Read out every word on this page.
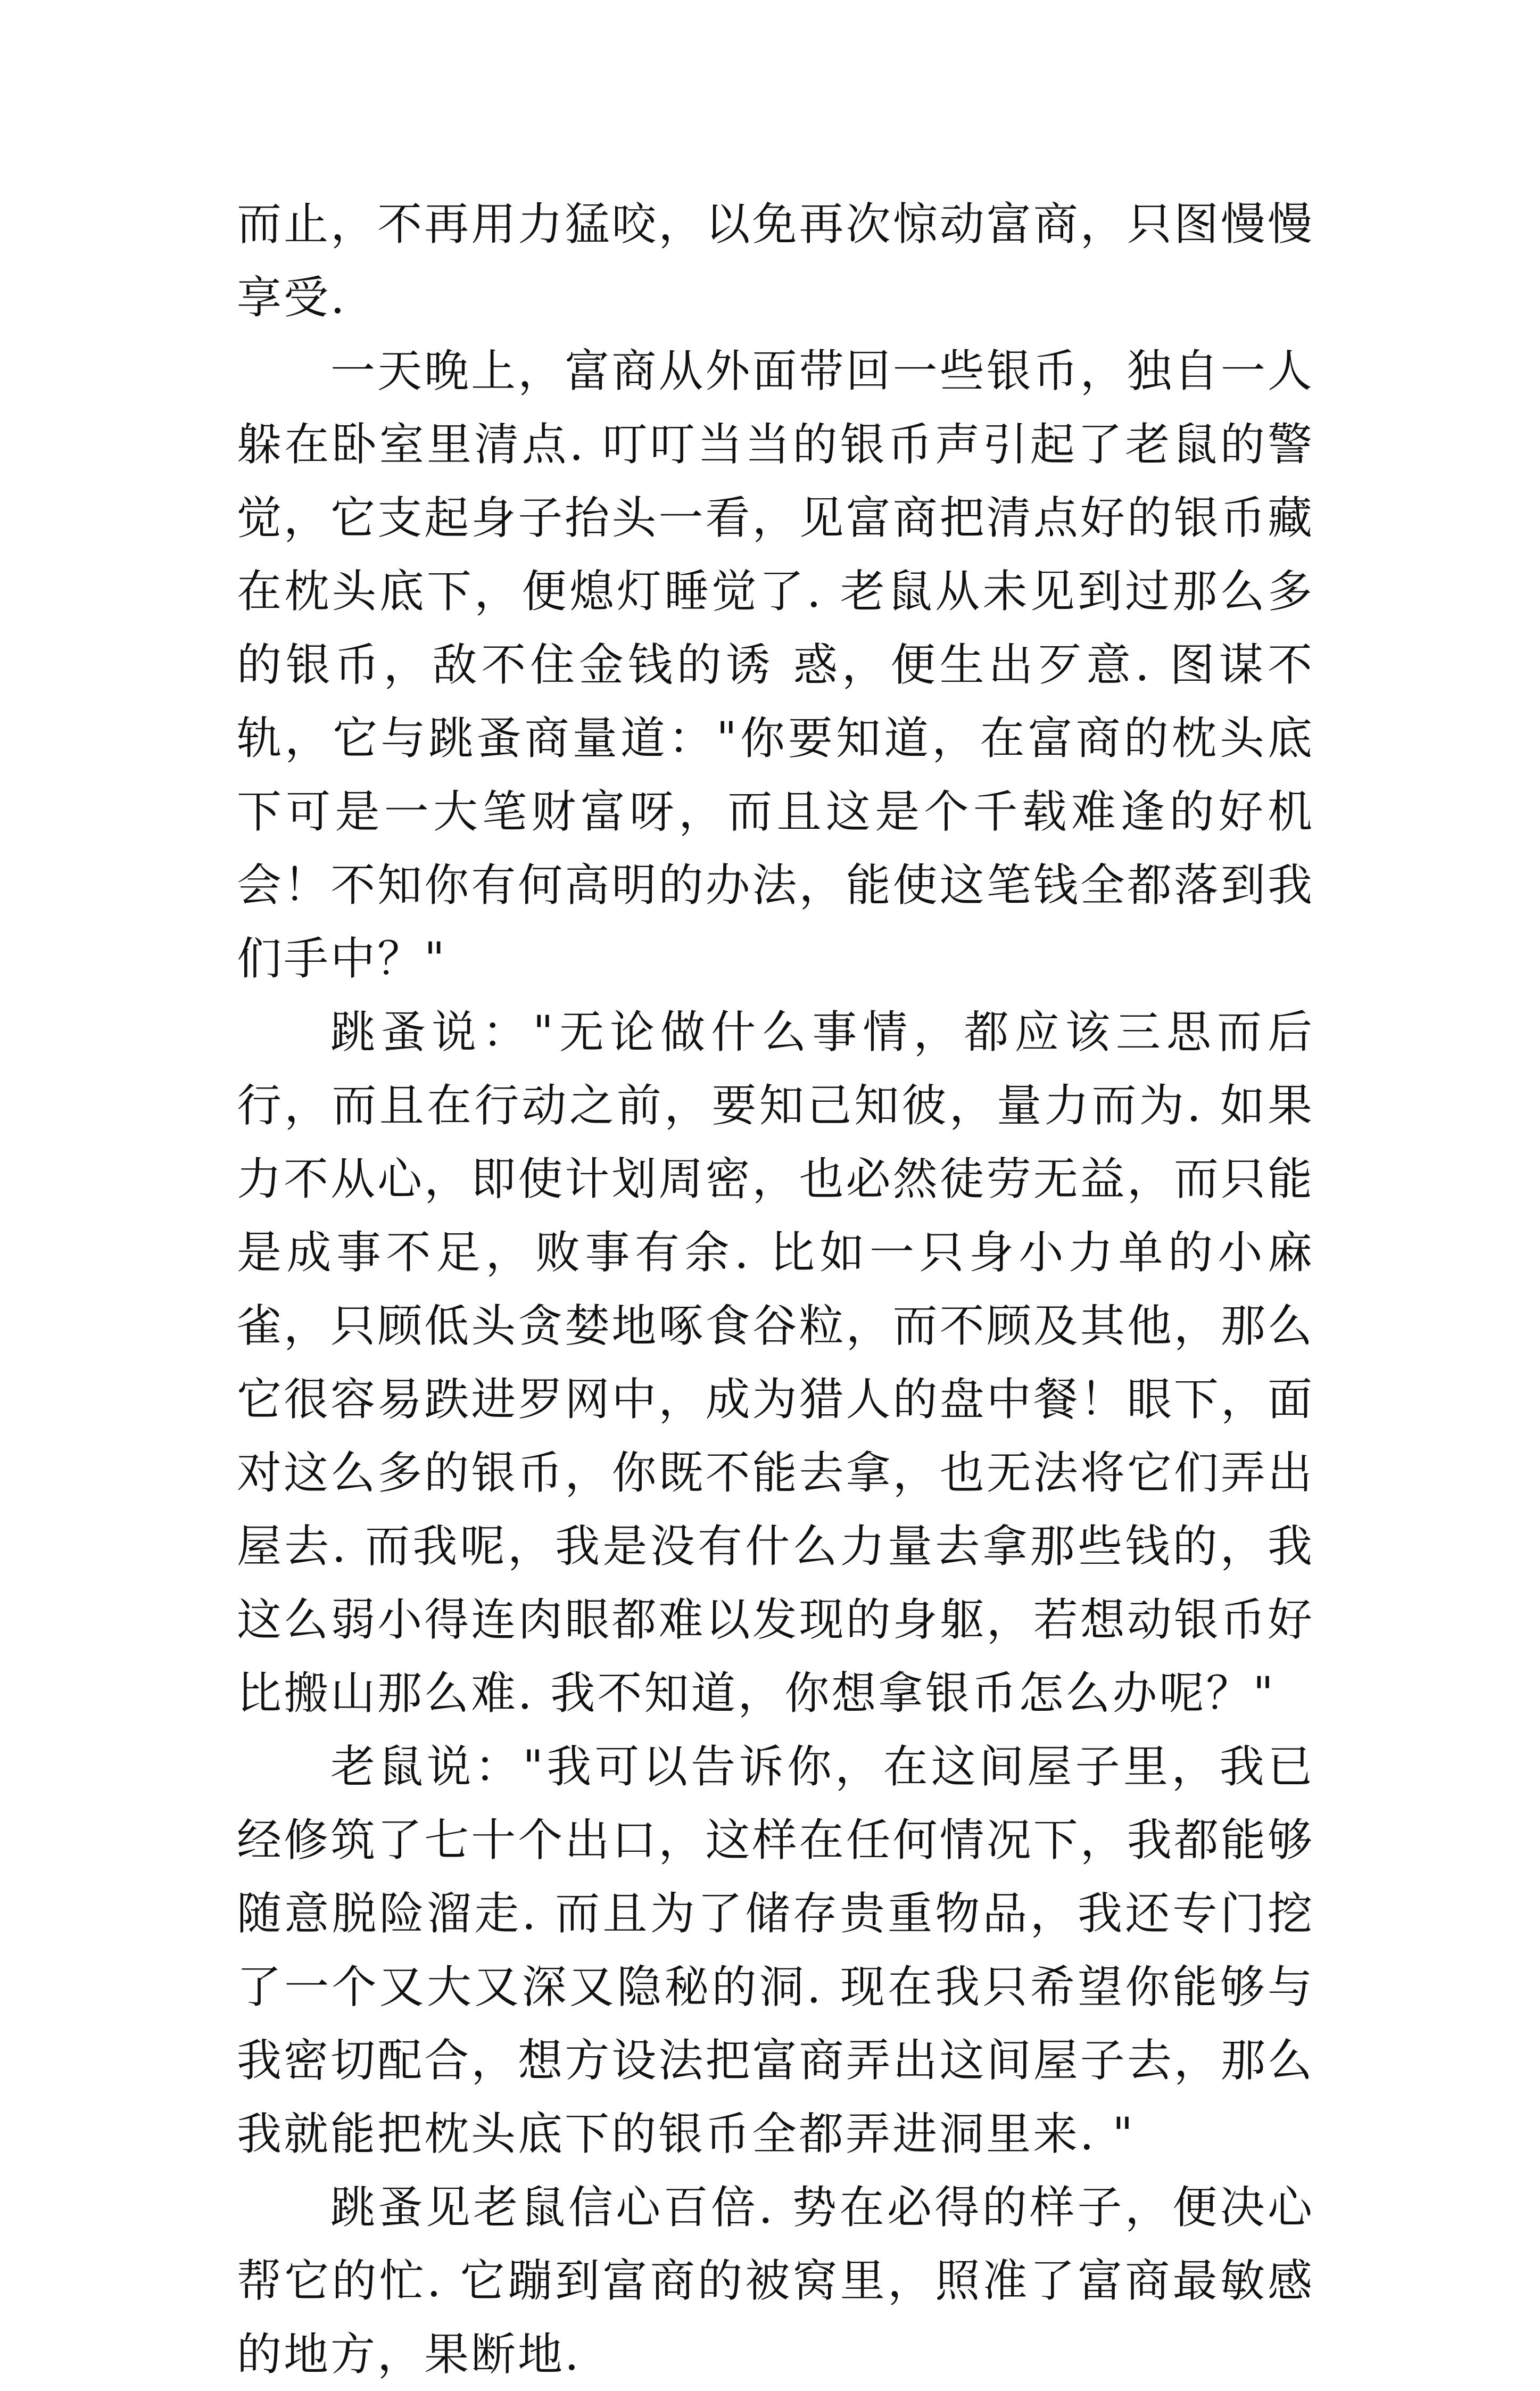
而止，不再用力猛咬，以免再次惊动富商，只图慢慢享受.

一天晚上，富商从外面带回一些银币，独自一人躲在卧室里清点. 叮叮当当的银币声引起了老鼠的警觉，它支起身子抬头一看，见富商把清点好的银币藏在枕头底下，便熄灯睡觉了. 老鼠从未见到过那么多的银币，敌不住金钱的诱 惑，便生出歹意. 图谋不轨，它与跳蚤商量道："你要知道，在富商的枕头底下可是一大笔财富呀，而且这是个千载难逢的好机会！不知你有何高明的办法，能使这笔钱全都落到我们手中？"

跳蚤说："无论做什么事情，都应该三思而后行，而且在行动之前，要知己知彼，量力而为. 如果力不从心，即使计划周密，也必然徒劳无益，而只能是成事不足，败事有余. 比如一只身小力单的小麻雀，只顾低头贪婪地啄食谷粒，而不顾及其他，那么它很容易跌进罗网中，成为猎人的盘中餐！眼下，面对这么多的银币，你既不能去拿，也无法将它们弄出屋去. 而我呢，我是没有什么力量去拿那些钱的，我这么弱小得连肉眼都难以发现的身躯，若想动银币好比搬山那么难. 我不知道，你想拿银币怎么办呢？"

老鼠说："我可以告诉你，在这间屋子里，我已经修筑了七十个出口，这样在任何情况下，我都能够随意脱险溜走. 而且为了储存贵重物品，我还专门挖了一个又大又深又隐秘的洞. 现在我只希望你能够与我密切配合，想方设法把富商弄出这间屋子去，那么我就能把枕头底下的银币全都弄进洞里来. "

跳蚤见老鼠信心百倍. 势在必得的样子，便决心帮它的忙. 它蹦到富商的被窝里，照准了富商最敏感的地方，果断地.
